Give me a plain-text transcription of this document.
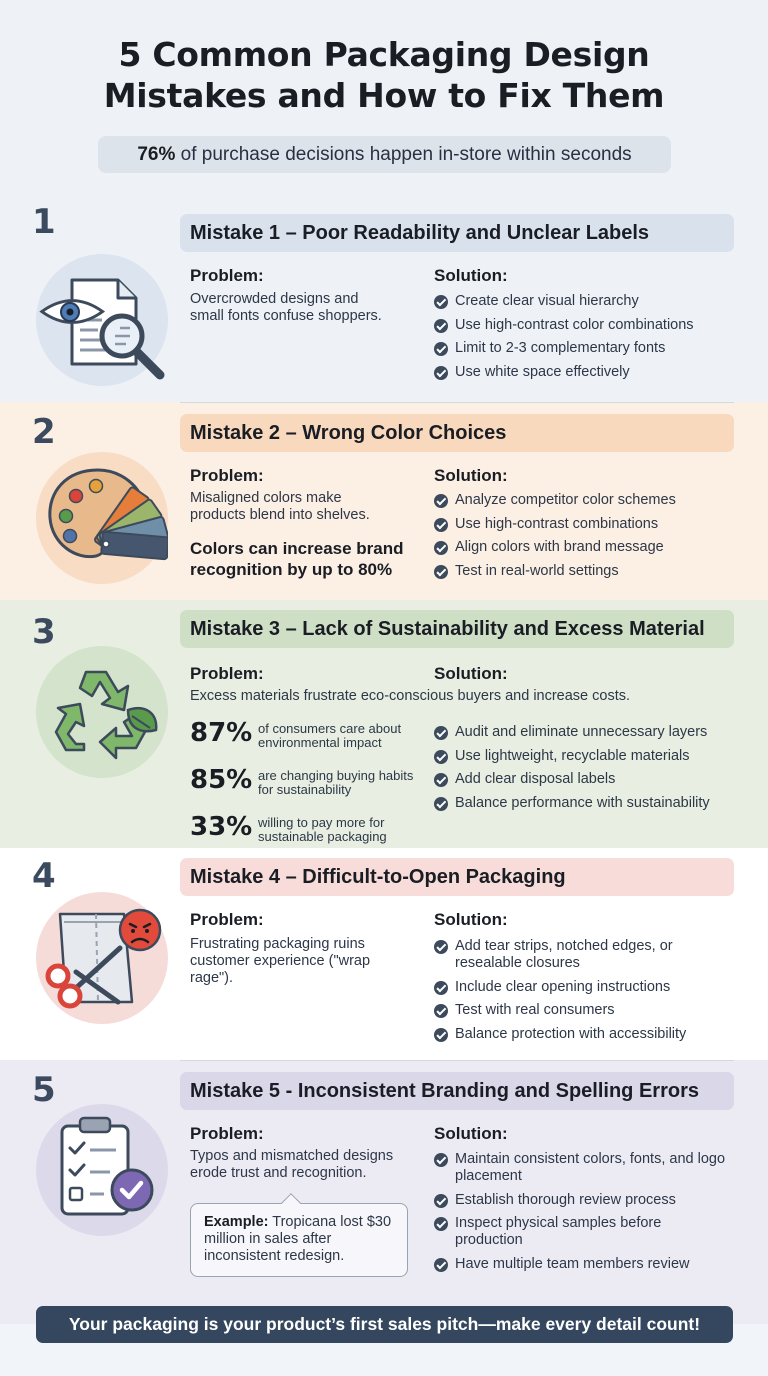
5 Common Packaging Design
Mistakes and How to Fix Them
76% of purchase decisions happen in-store within seconds
1	Mistake 1 – Poor Readability and Unclear Labels
Problem:	Solution:
Overcrowded designs and small fonts confuse shoppers.
Create clear visual hierarchy
Use high-contrast color combinations
Limit to 2-3 complementary fonts
Use white space effectively
2	Mistake 2 – Wrong Color Choices
Problem:	Solution:
Misaligned colors make products blend into shelves.
Colors can increase brand recognition by up to 80%
Analyze competitor color schemes
Use high-contrast combinations
Align colors with brand message
Test in real-world settings
3	Mistake 3 – Lack of Sustainability and Excess Material
Problem:	Solution:
Excess materials frustrate eco-conscious buyers and increase costs.
87% of consumers care about environmental impact
85% are changing buying habits for sustainability
33% willing to pay more for sustainable packaging
Audit and eliminate unnecessary layers
Use lightweight, recyclable materials
Add clear disposal labels
Balance performance with sustainability
4	Mistake 4 – Difficult-to-Open Packaging
Problem:	Solution:
Frustrating packaging ruins customer experience ("wrap rage").
Add tear strips, notched edges, or resealable closures
Include clear opening instructions
Test with real consumers
Balance protection with accessibility
5	Mistake 5 - Inconsistent Branding and Spelling Errors
Problem:	Solution:
Typos and mismatched designs erode trust and recognition.
Example: Tropicana lost $30 million in sales after inconsistent redesign.
Maintain consistent colors, fonts, and logo placement
Establish thorough review process
Inspect physical samples before production
Have multiple team members review
Your packaging is your product’s first sales pitch—make every detail count!
